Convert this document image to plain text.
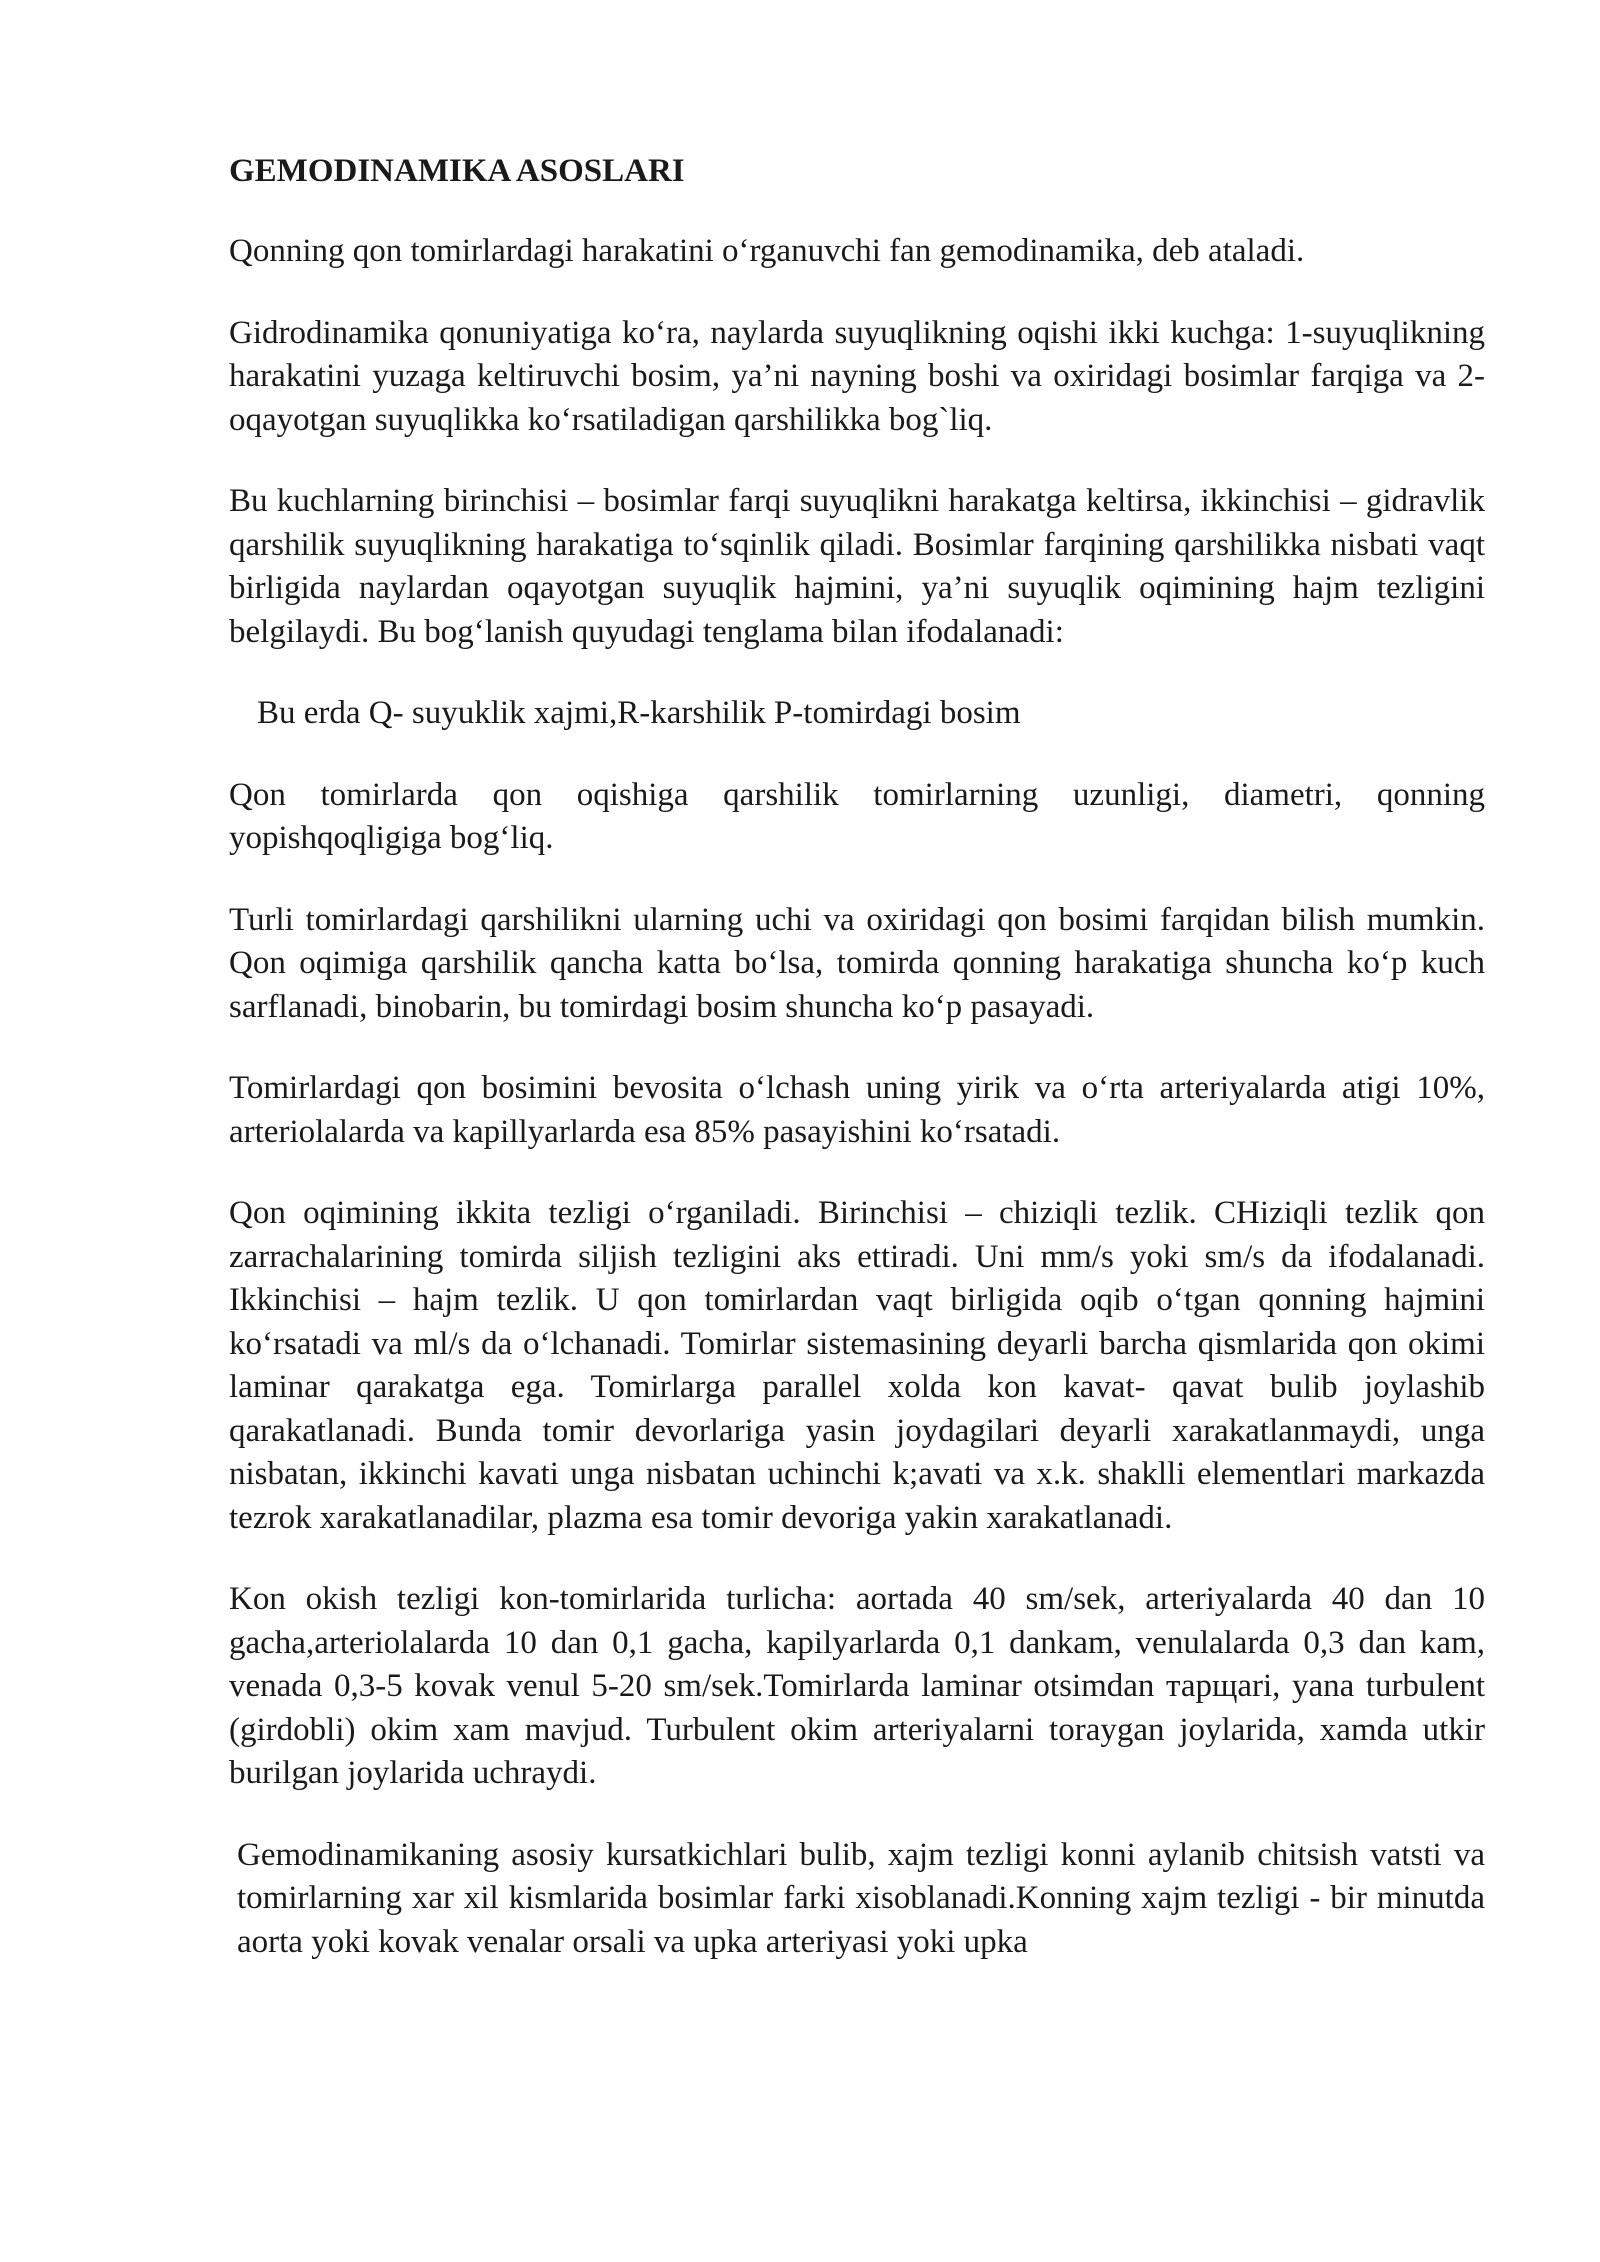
GEMODINAMIKA ASOSLARI

Qonning qon tomirlardagi harakatini o‘rganuvchi fan gemodinamika, deb ataladi.

Gidrodinamika qonuniyatiga ko‘ra, naylarda suyuqlikning oqishi ikki kuchga: 1-suyuqlikning harakatini yuzaga keltiruvchi bosim, ya’ni nayning boshi va oxiridagi bosimlar farqiga va 2-oqayotgan suyuqlikka ko‘rsatiladigan qarshilikka bog`liq.

Bu kuchlarning birinchisi – bosimlar farqi suyuqlikni harakatga keltirsa, ikkinchisi – gidravlik qarshilik suyuqlikning harakatiga to‘sqinlik qiladi. Bosimlar farqining qarshilikka nisbati vaqt birligida naylardan oqayotgan suyuqlik hajmini, ya’ni suyuqlik oqimining hajm tezligini belgilaydi. Bu bog‘lanish quyudagi tenglama bilan ifodalanadi:

Bu erda Q- suyuklik xajmi,R-karshilik P-tomirdagi bosim

Qon tomirlarda qon oqishiga qarshilik tomirlarning uzunligi, diametri, qonning yopishqoqligiga bog‘liq.

Turli tomirlardagi qarshilikni ularning uchi va oxiridagi qon bosimi farqidan bilish mumkin. Qon oqimiga qarshilik qancha katta bo‘lsa, tomirda qonning harakatiga shuncha ko‘p kuch sarflanadi, binobarin, bu tomirdagi bosim shuncha ko‘p pasayadi.

Tomirlardagi qon bosimini bevosita o‘lchash uning yirik va o‘rta arteriyalarda atigi 10%, arteriolalarda va kapillyarlarda esa 85% pasayishini ko‘rsatadi.

Qon oqimining ikkita tezligi o‘rganiladi. Birinchisi – chiziqli tezlik. CHiziqli tezlik qon zarrachalarining tomirda siljish tezligini aks ettiradi. Uni mm/s yoki sm/s da ifodalanadi. Ikkinchisi – hajm tezlik. U qon tomirlardan vaqt birligida oqib o‘tgan qonning hajmini ko‘rsatadi va ml/s da o‘lchanadi. Tomirlar sistemasining deyarli barcha qismlarida qon okimi laminar qarakatga ega. Tomirlarga parallel xolda kon kavat- qavat bulib joylashib qarakatlanadi. Bunda tomir devorlariga yasin joydagilari deyarli xarakatlanmaydi, unga nisbatan, ikkinchi kavati unga nisbatan uchinchi k;avati va x.k. shaklli elementlari markazda tezrok xarakatlanadilar, plazma esa tomir devoriga yakin xarakatlanadi.

Kon okish tezligi kon-tomirlarida turlicha: aortada 40 sm/sek, arteriyalarda 40 dan 10 gacha,arteriolalarda 10 dan 0,1 gacha, kapilyarlarda 0,1 dankam, venulalarda 0,3 dan kam, venada 0,3-5 kovak venul 5-20 sm/sek.Tomirlarda laminar otsimdan тарщari, yana turbulent (girdobli) okim xam mavjud. Turbulent okim arteriyalarni toraygan joylarida, xamda utkir burilgan joylarida uchraydi.

Gemodinamikaning asosiy kursatkichlari bulib, xajm tezligi konni aylanib chitsish vatsti va tomirlarning xar xil kismlarida bosimlar farki xisoblanadi.Konning xajm tezligi - bir minutda aorta yoki kovak venalar orsali va upka arteriyasi yoki upka
